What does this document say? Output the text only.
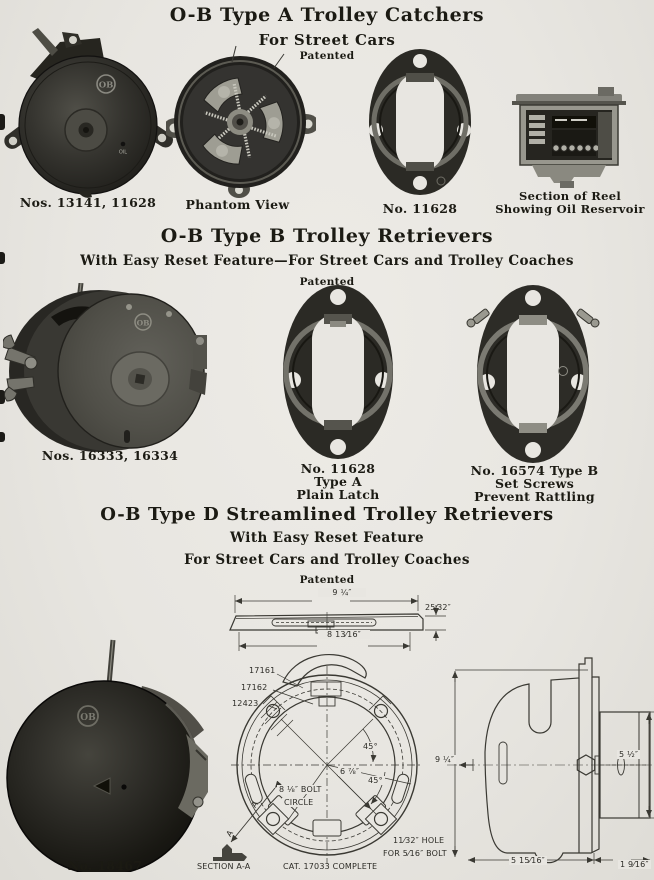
O-B Type A Trolley Catchers
For Street Cars
Patented
OB
OIL
Nos. 13141, 11628	Phantom View	No. 11628
Section of Reel
Showing Oil Reservoir
O-B Type B Trolley Retrievers
With Easy Reset Feature—For Street Cars and Trolley Coaches
Patented
OB
Nos. 16333, 16334
No. 11628
Type A
Plain Latch
No. 16574 Type B
Set Screws
Prevent Rattling
O-B Type D Streamlined Trolley Retrievers
With Easy Reset Feature
For Street Cars and Trolley Coaches
Patented
OB
No. 18467
9 ¼″
25⁄32″
8 13⁄16″
17161
17162
12423
45°
6 ⅞″
45°
8 ⅛″ BOLT
CIRCLE
A
A
11⁄32″ HOLE
FOR 5⁄16″ BOLT
SECTION A-A	CAT. 17033 COMPLETE
9 ¼″
5 ½″
5 15⁄16″	1 9⁄16″
